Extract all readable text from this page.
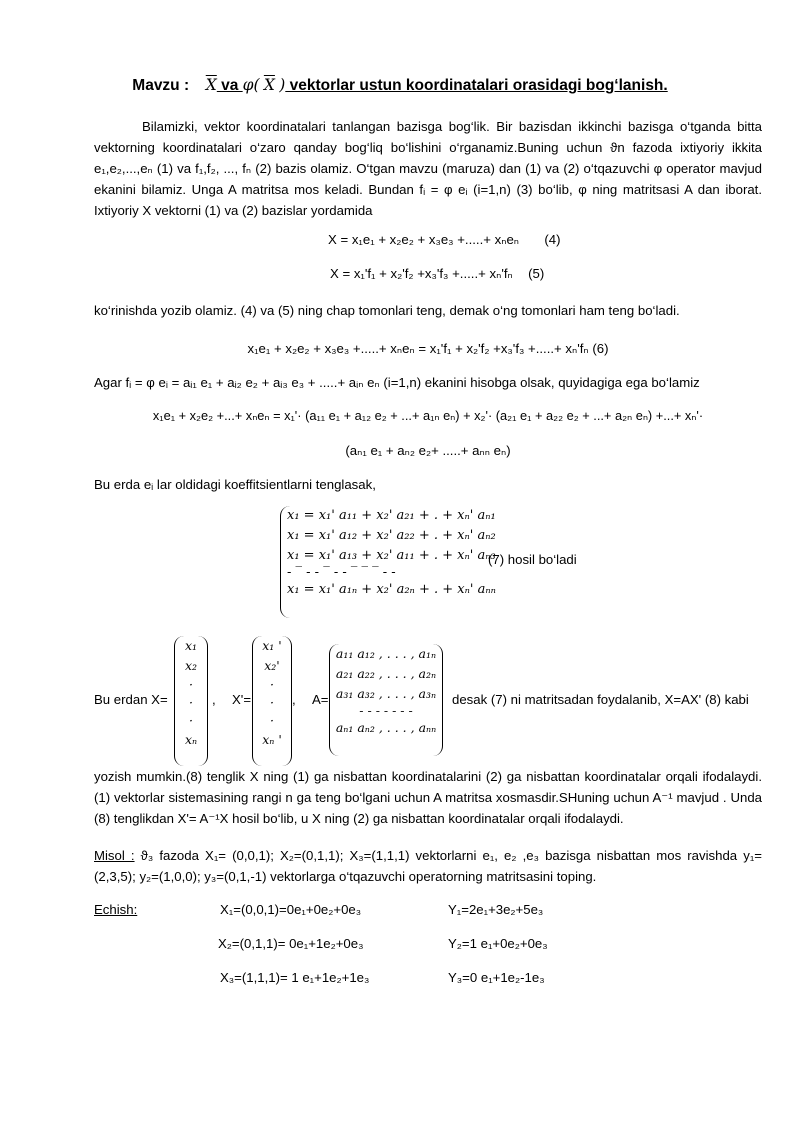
Mavzu : X va φ( X ) vektorlar ustun koordinatalari orasidagi bog‘lanish.
Bilamizki, vektor koordinatalari tanlangan bazisga bog‘lik. Bir bazisdan ikkinchi bazisga o‘tganda bitta vektorning koordinatalari o‘zaro qanday bog‘liq bo‘lishini o‘rganamiz.Buning uchun ϑn fazoda ixtiyoriy ikkita e₁,e₂,...,eₙ (1) va f₁,f₂, ..., fₙ (2) bazis olamiz. O‘tgan mavzu (maruza) dan (1) va (2) o‘tqazuvchi φ operator mavjud ekanini bilamiz. Unga A matritsa mos keladi. Bundan fᵢ = φ eᵢ (i=1,n) (3) bo‘lib, φ ning matritsasi A dan iborat. Ixtiyoriy X vektorni (1) va (2) bazislar yordamida
X = x₁e₁ + x₂e₂ + x₃e₃ +.....+ xₙeₙ (4)
X = x₁'f₁ + x₂'f₂ +x₃'f₃ +.....+ xₙ'fₙ (5)
ko‘rinishda yozib olamiz. (4) va (5) ning chap tomonlari teng, demak o‘ng tomonlari ham teng bo‘ladi.
x₁e₁ + x₂e₂ + x₃e₃ +.....+ xₙeₙ = x₁'f₁ + x₂'f₂ +x₃'f₃ +.....+ xₙ'fₙ (6)
Agar fᵢ = φ eᵢ = aᵢ₁ e₁ + aᵢ₂ e₂ + aᵢ₃ e₃ + .....+ aᵢₙ eₙ (i=1,n) ekanini hisobga olsak, quyidagiga ega bo‘lamiz
x₁e₁ + x₂e₂ +...+ xₙeₙ = x₁'· (a₁₁ e₁ + a₁₂ e₂ + ...+ a₁ₙ eₙ) + x₂'· (a₂₁ e₁ + a₂₂ e₂ + ...+ a₂ₙ eₙ) +...+ xₙ'·
(aₙ₁ e₁ + aₙ₂ e₂+ .....+ aₙₙ eₙ)
Bu erda eᵢ lar oldidagi koeffitsientlarni tenglasak,
x₁ = x₁' a₁₁ + x₂' a₂₁ + . + xₙ' aₙ₁
x₁ = x₁' a₁₂ + x₂' a₂₂ + . + xₙ' aₙ₂
x₁ = x₁' a₁₃ + x₂' a₁₁ + . + xₙ' aₙ₃
- ‾ - - ‾ - - ‾ ‾ ‾ - -
x₁ = x₁' a₁ₙ + x₂' a₂ₙ + . + xₙ' aₙₙ
(7) hosil bo‘ladi
Bu erdan X=
x₁
x₂
·
·
·
xₙ
, X'=
x₁ '
x₂'
·
·
·
xₙ '
, A=
a₁₁ a₁₂ , . . . , a₁ₙ
a₂₁ a₂₂ , . . . , a₂ₙ
a₃₁ a₃₂ , . . . , a₃ₙ
- - - - - - -
aₙ₁ aₙ₂ , . . . , aₙₙ
desak (7) ni matritsadan foydalanib, X=AX' (8) kabi
yozish mumkin.(8) tenglik X ning (1) ga nisbattan koordinatalarini (2) ga nisbattan koordinatalar orqali ifodalaydi.(1) vektorlar sistemasining rangi n ga teng bo‘lgani uchun A matritsa xosmasdir.SHuning uchun A⁻¹ mavjud . Unda (8) tenglikdan X'= A⁻¹X hosil bo‘lib, u X ning (2) ga nisbattan koordinatalar orqali ifodalaydi.
Misol : ϑ₃ fazoda X₁= (0,0,1); X₂=(0,1,1); X₃=(1,1,1) vektorlarni e₁, e₂ ,e₃ bazisga nisbattan mos ravishda y₁=(2,3,5); y₂=(1,0,0); y₃=(0,1,-1) vektorlarga o‘tqazuvchi operatorning matritsasini toping.
Echish:	X₁=(0,0,1)=0e₁+0e₂+0e₃
X₂=(0,1,1)= 0e₁+1e₂+0e₃
X₃=(1,1,1)= 1 e₁+1e₂+1e₃
Y₁=2e₁+3e₂+5e₃
Y₂=1 e₁+0e₂+0e₃
Y₃=0 e₁+1e₂-1e₃
